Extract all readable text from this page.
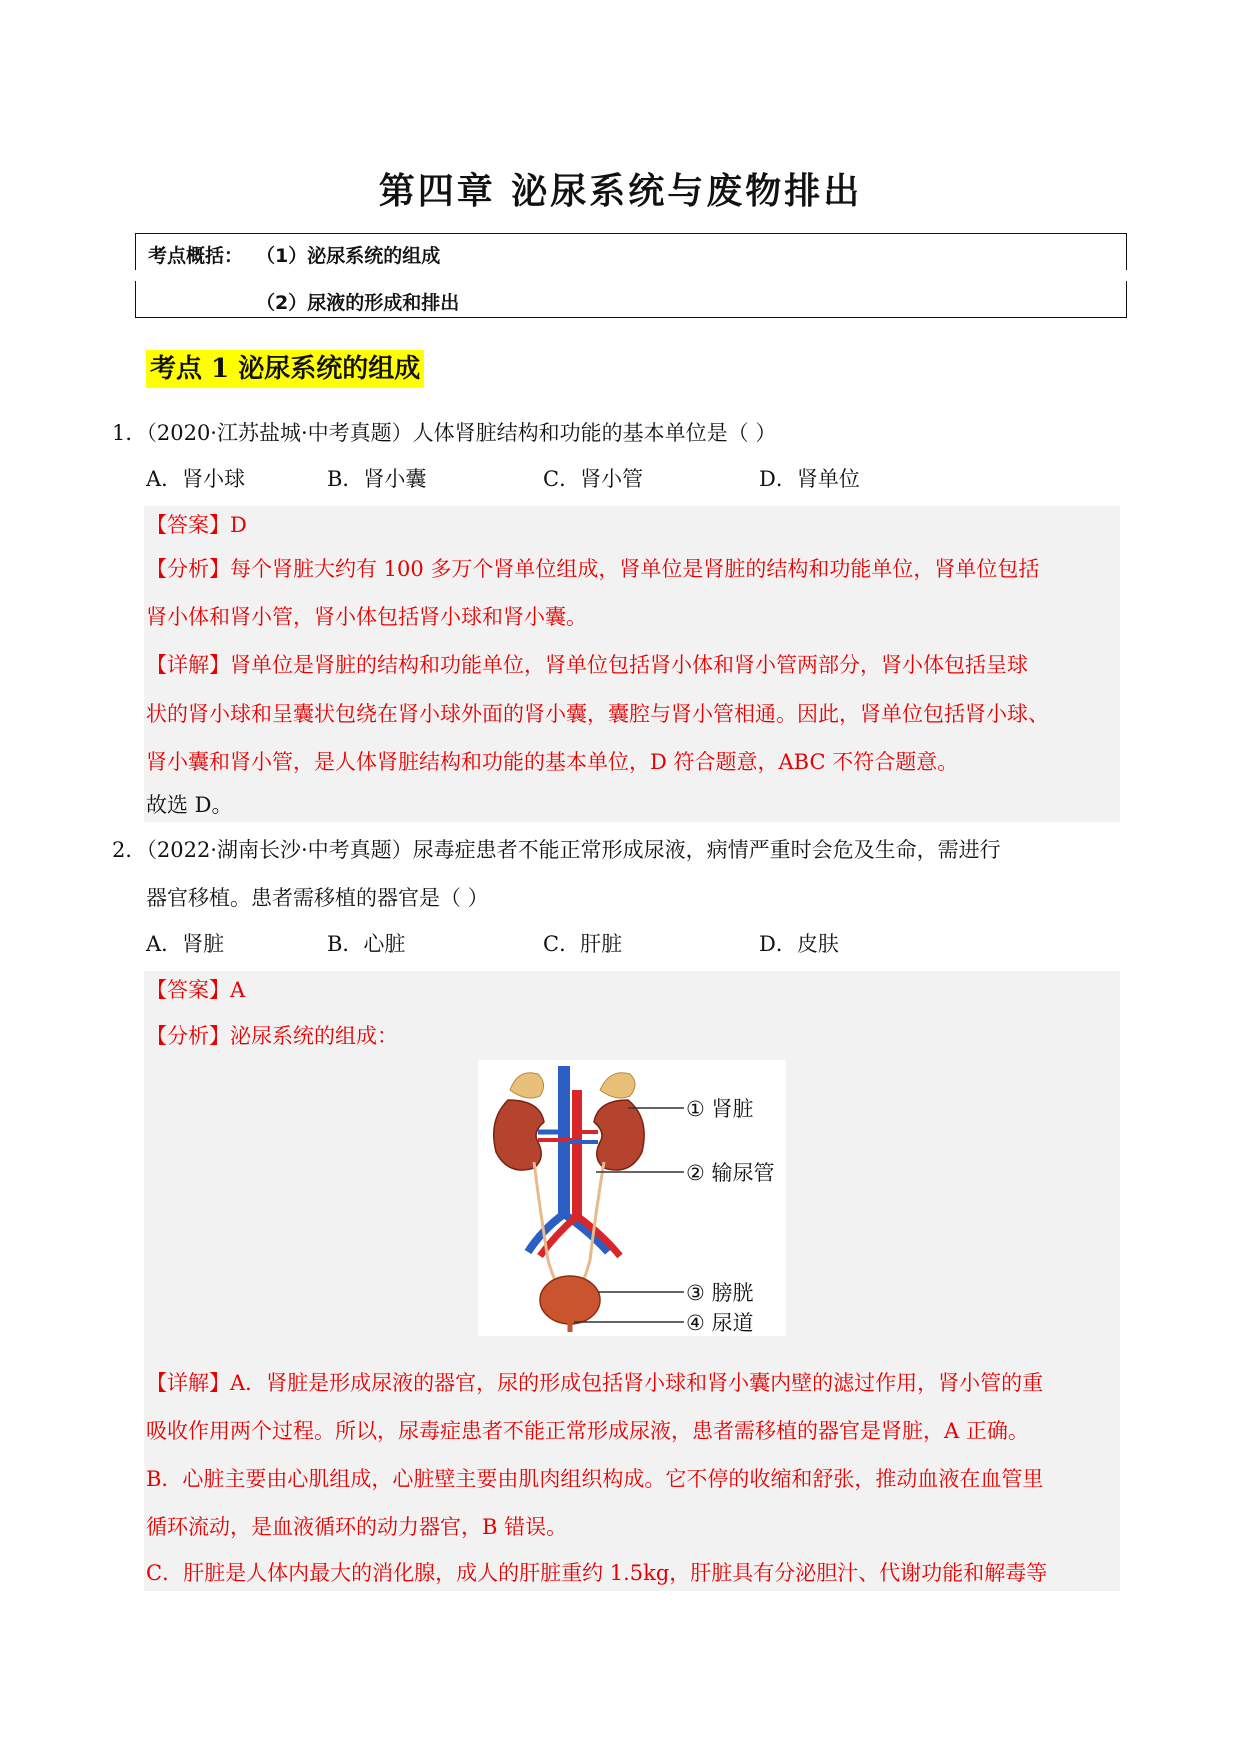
第四章 泌尿系统与废物排出
考点概括： （1）泌尿系统的组成
（2）尿液的形成和排出
考点 1 泌尿系统的组成
1．（2020·江苏盐城·中考真题）人体肾脏结构和功能的基本单位是（ ）
A．肾小球	B．肾小囊	C．肾小管	D．肾单位
【答案】D
【分析】每个肾脏大约有 100 多万个肾单位组成，肾单位是肾脏的结构和功能单位，肾单位包括
肾小体和肾小管，肾小体包括肾小球和肾小囊。
【详解】肾单位是肾脏的结构和功能单位，肾单位包括肾小体和肾小管两部分，肾小体包括呈球
状的肾小球和呈囊状包绕在肾小球外面的肾小囊，囊腔与肾小管相通。因此，肾单位包括肾小球、
肾小囊和肾小管，是人体肾脏结构和功能的基本单位，D 符合题意，ABC 不符合题意。
故选 D。
2．（2022·湖南长沙·中考真题）尿毒症患者不能正常形成尿液，病情严重时会危及生命，需进行
器官移植。患者需移植的器官是（ ）
A．肾脏	B．心脏	C．肝脏	D．皮肤
【答案】A
【分析】泌尿系统的组成：
【详解】A．肾脏是形成尿液的器官，尿的形成包括肾小球和肾小囊内壁的滤过作用，肾小管的重
吸收作用两个过程。所以，尿毒症患者不能正常形成尿液，患者需移植的器官是肾脏，A 正确。
B．心脏主要由心肌组成，心脏壁主要由肌肉组织构成。它不停的收缩和舒张，推动血液在血管里
循环流动，是血液循环的动力器官，B 错误。
C．肝脏是人体内最大的消化腺，成人的肝脏重约 1.5kg，肝脏具有分泌胆汁、代谢功能和解毒等
① 肾脏
② 输尿管
③ 膀胱
④ 尿道
